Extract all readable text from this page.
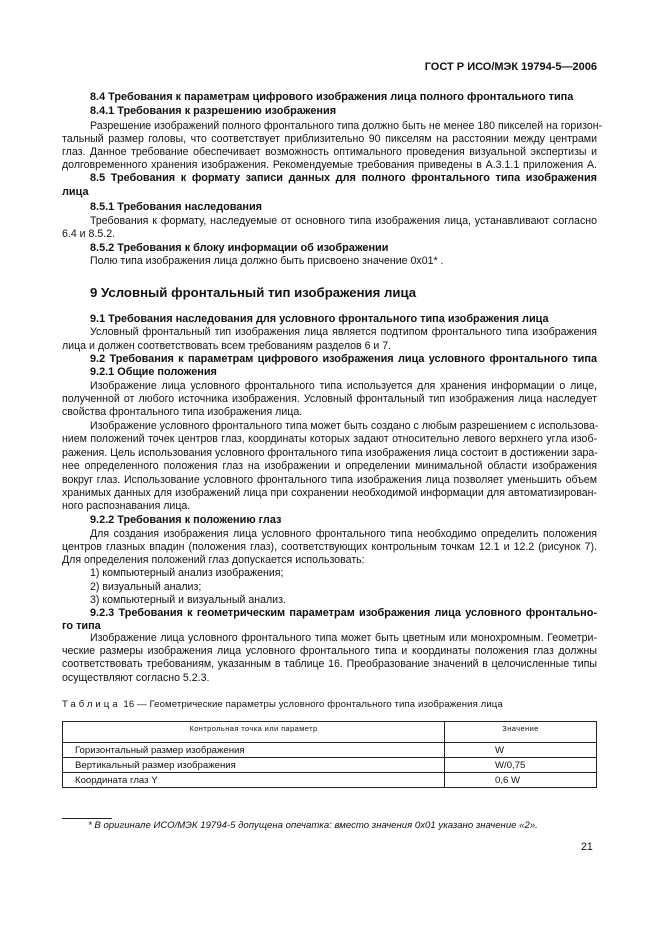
ГОСТ Р ИСО/МЭК 19794-5—2006
8.4 Требования к параметрам цифрового изображения лица полного фронтального типа
8.4.1 Требования к разрешению изображения
Разрешение изображений полного фронтального типа должно быть не менее 180 пикселей на горизон-
тальный размер головы, что соответствует приблизительно 90 пикселям на расстоянии между центрами
глаз. Данное требование обеспечивает возможность оптимального проведения визуальной экспертизы и
долговременного хранения изображения. Рекомендуемые требования приведены в А.3.1.1 приложения А.
8.5 Требования к формату записи данных для полного фронтального типа изображения
лица
8.5.1 Требования наследования
Требования к формату, наследуемые от основного типа изображения лица, устанавливают согласно
6.4 и 8.5.2.
8.5.2 Требования к блоку информации об изображении
Полю типа изображения лица должно быть присвоено значение 0x01* .
9 Условный фронтальный тип изображения лица
9.1 Требования наследования для условного фронтального типа изображения лица
Условный фронтальный тип изображения лица является подтипом фронтального типа изображения
лица и должен соответствовать всем требованиям разделов 6 и 7.
9.2 Требования к параметрам цифрового изображения лица условного фронтального типа
9.2.1 Общие положения
Изображение лица условного фронтального типа используется для хранения информации о лице,
полученной от любого источника изображения. Условный фронтальный тип изображения лица наследует
свойства фронтального типа изображения лица.
Изображение условного фронтального типа может быть создано с любым разрешением с использова-
нием положений точек центров глаз, координаты которых задают относительно левого верхнего угла изоб-
ражения. Цель использования условного фронтального типа изображения лица состоит в достижении зара-
нее определенного положения глаз на изображении и определении минимальной области изображения
вокруг глаз. Использование условного фронтального типа изображения лица позволяет уменьшить объем
хранимых данных для изображений лица при сохранении необходимой информации для автоматизирован-
ного распознавания лица.
9.2.2 Требования к положению глаз
Для создания изображения лица условного фронтального типа необходимо определить положения
центров глазных впадин (положения глаз), соответствующих контрольным точкам 12.1 и 12.2 (рисунок 7).
Для определения положений глаз допускается использовать:
1) компьютерный анализ изображения;
2) визуальный анализ;
3) компьютерный и визуальный анализ.
9.2.3 Требования к геометрическим параметрам изображения лица условного фронтально-
го типа
Изображение лица условного фронтального типа может быть цветным или монохромным. Геометри-
ческие размеры изображения лица условного фронтального типа и координаты положения глаз должны
соответствовать требованиям, указанным в таблице 16. Преобразование значений в целочисленные типы
осуществляют согласно 5.2.3.
Таблица 16 — Геометрические параметры условного фронтального типа изображения лица
Контрольная точка или параметр	Значение
Горизонтальный размер изображения	W
Вертикальный размер изображения	W/0,75
Координата глаз Y	0,6 W
* В оригинале ИСО/МЭК 19794-5 допущена опечатка: вместо значения 0x01 указано значение «2».
21
